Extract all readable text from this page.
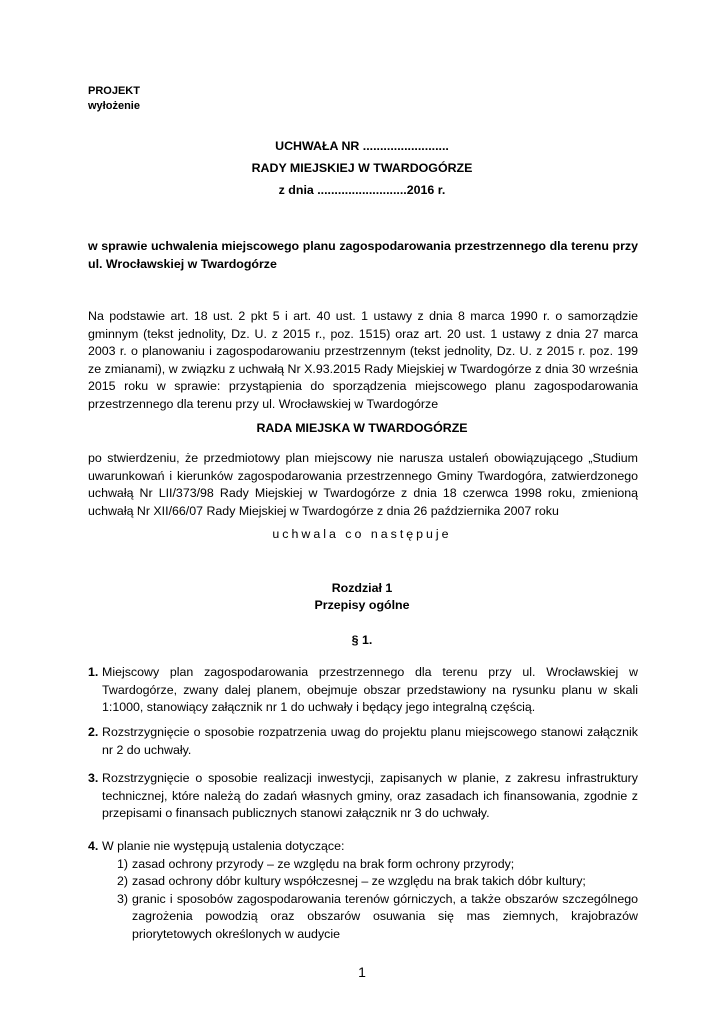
PROJEKT
wyłożenie
UCHWAŁA NR .........................
RADY MIEJSKIEJ W TWARDOGÓRZE
z dnia ..........................2016 r.
w sprawie uchwalenia miejscowego planu zagospodarowania przestrzennego dla terenu przy ul. Wrocławskiej w Twardogórze
Na podstawie art. 18 ust. 2 pkt 5 i art. 40 ust. 1 ustawy z dnia 8 marca 1990 r. o samorządzie gminnym (tekst jednolity, Dz. U. z 2015 r., poz. 1515) oraz art. 20 ust. 1 ustawy z dnia 27 marca 2003 r. o planowaniu i zagospodarowaniu przestrzennym (tekst jednolity, Dz. U. z 2015 r. poz. 199 ze zmianami), w związku z uchwałą Nr X.93.2015 Rady Miejskiej w Twardogórze z dnia 30 września 2015 roku w sprawie: przystąpienia do sporządzenia miejscowego planu zagospodarowania przestrzennego dla terenu przy ul. Wrocławskiej w Twardogórze
RADA MIEJSKA W TWARDOGÓRZE
po stwierdzeniu, że przedmiotowy plan miejscowy nie narusza ustaleń obowiązującego „Studium uwarunkowań i kierunków zagospodarowania przestrzennego Gminy Twardogóra, zatwierdzonego uchwałą Nr LII/373/98 Rady Miejskiej w Twardogórze z dnia 18 czerwca 1998 roku, zmienioną uchwałą Nr XII/66/07 Rady Miejskiej w Twardogórze z dnia 26 października 2007 roku
uchwala co następuje
Rozdział 1
Przepisy ogólne
§ 1.
1. Miejscowy plan zagospodarowania przestrzennego dla terenu przy ul. Wrocławskiej w Twardogórze, zwany dalej planem, obejmuje obszar przedstawiony na rysunku planu w skali 1:1000, stanowiący załącznik nr 1 do uchwały i będący jego integralną częścią.
2. Rozstrzygnięcie o sposobie rozpatrzenia uwag do projektu planu miejscowego stanowi załącznik nr 2 do uchwały.
3. Rozstrzygnięcie o sposobie realizacji inwestycji, zapisanych w planie, z zakresu infrastruktury technicznej, które należą do zadań własnych gminy, oraz zasadach ich finansowania, zgodnie z przepisami o finansach publicznych stanowi załącznik nr 3 do uchwały.
4. W planie nie występują ustalenia dotyczące:
1) zasad ochrony przyrody – ze względu na brak form ochrony przyrody;
2) zasad ochrony dóbr kultury współczesnej – ze względu na brak takich dóbr kultury;
3) granic i sposobów zagospodarowania terenów górniczych, a także obszarów szczególnego zagrożenia powodzią oraz obszarów osuwania się mas ziemnych, krajobrazów priorytetowych określonych w audycie
1
